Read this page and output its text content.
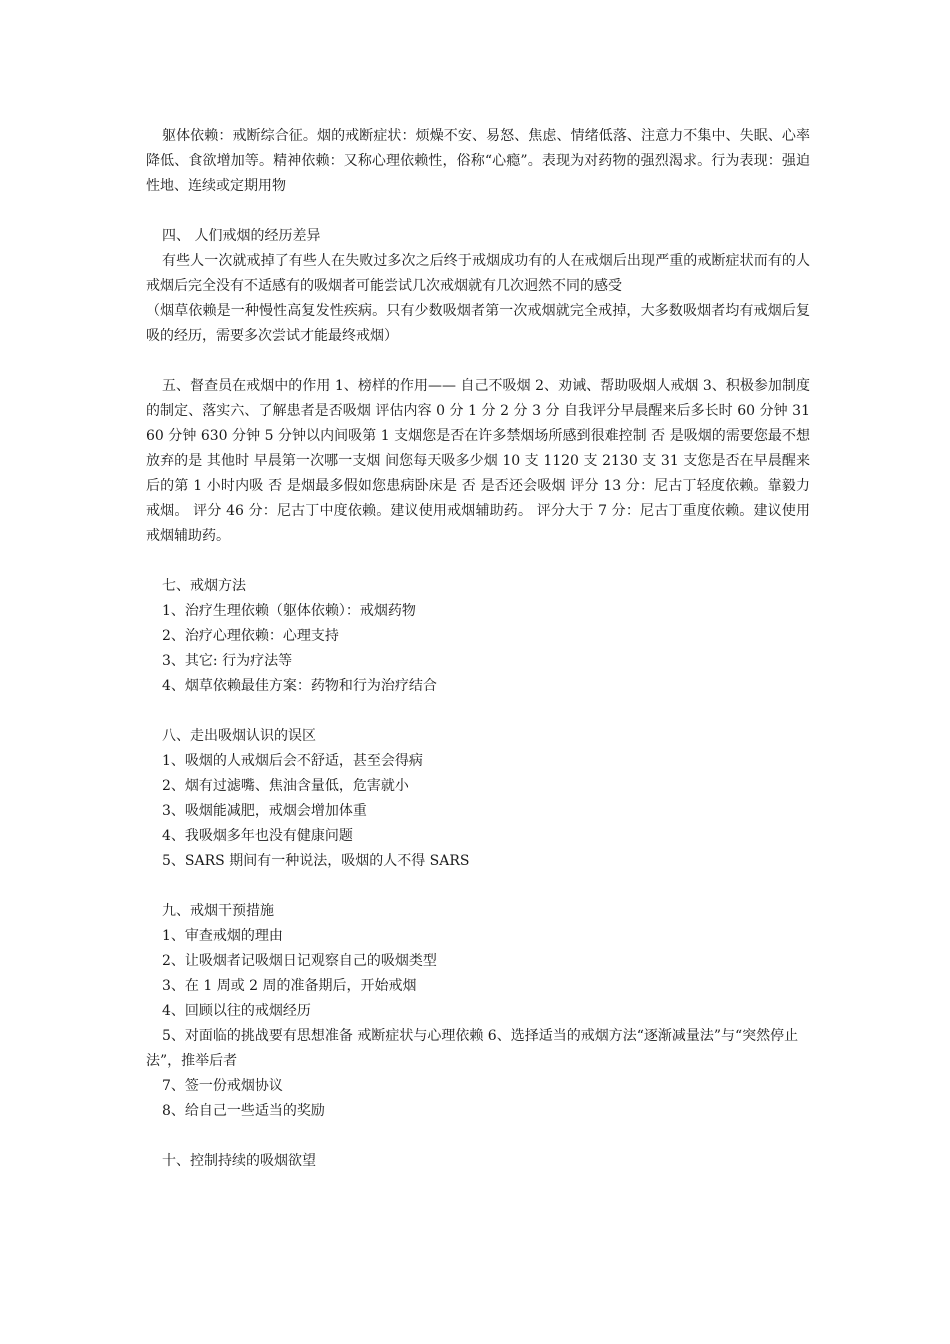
躯体依赖：戒断综合征。烟的戒断症状：烦燥不安、易怒、焦虑、情绪低落、注意力不集中、失眠、心率降低、食欲增加等。精神依赖：又称心理依赖性，俗称“心瘾”。表现为对药物的强烈渴求。行为表现：强迫性地、连续或定期用物

四、 人们戒烟的经历差异

有些人一次就戒掉了有些人在失败过多次之后终于戒烟成功有的人在戒烟后出现严重的戒断症状而有的人戒烟后完全没有不适感有的吸烟者可能尝试几次戒烟就有几次迥然不同的感受

（烟草依赖是一种慢性高复发性疾病。只有少数吸烟者第一次戒烟就完全戒掉，大多数吸烟者均有戒烟后复吸的经历，需要多次尝试才能最终戒烟）

五、督查员在戒烟中的作用 1、榜样的作用—— 自己不吸烟 2、劝诫、帮助吸烟人戒烟 3、积极参加制度的制定、落实六、了解患者是否吸烟 评估内容 0 分 1 分 2 分 3 分 自我评分早晨醒来后多长时 60 分钟 3160 分钟 630 分钟 5 分钟以内间吸第 1 支烟您是否在许多禁烟场所感到很难控制 否 是吸烟的需要您最不想放弃的是 其他时 早晨第一次哪一支烟 间您每天吸多少烟 10 支 1120 支 2130 支 31 支您是否在早晨醒来后的第 1 小时内吸 否 是烟最多假如您患病卧床是 否 是否还会吸烟 评分 13 分：尼古丁轻度依赖。靠毅力戒烟。 评分 46 分：尼古丁中度依赖。建议使用戒烟辅助药。 评分大于 7 分：尼古丁重度依赖。建议使用戒烟辅助药。

七、戒烟方法

1、治疗生理依赖（躯体依赖）：戒烟药物

2、治疗心理依赖：心理支持

3、其它: 行为疗法等

4、烟草依赖最佳方案：药物和行为治疗结合

八、走出吸烟认识的误区

1、吸烟的人戒烟后会不舒适，甚至会得病

2、烟有过滤嘴、焦油含量低，危害就小

3、吸烟能减肥，戒烟会增加体重

4、我吸烟多年也没有健康问题

5、SARS 期间有一种说法，吸烟的人不得 SARS

九、戒烟干预措施

1、审查戒烟的理由

2、让吸烟者记吸烟日记观察自己的吸烟类型

3、在 1 周或 2 周的准备期后，开始戒烟

4、回顾以往的戒烟经历

5、对面临的挑战要有思想准备 戒断症状与心理依赖 6、选择适当的戒烟方法“逐渐减量法”与“突然停止法”，推举后者

7、签一份戒烟协议

8、给自己一些适当的奖励

十、控制持续的吸烟欲望
